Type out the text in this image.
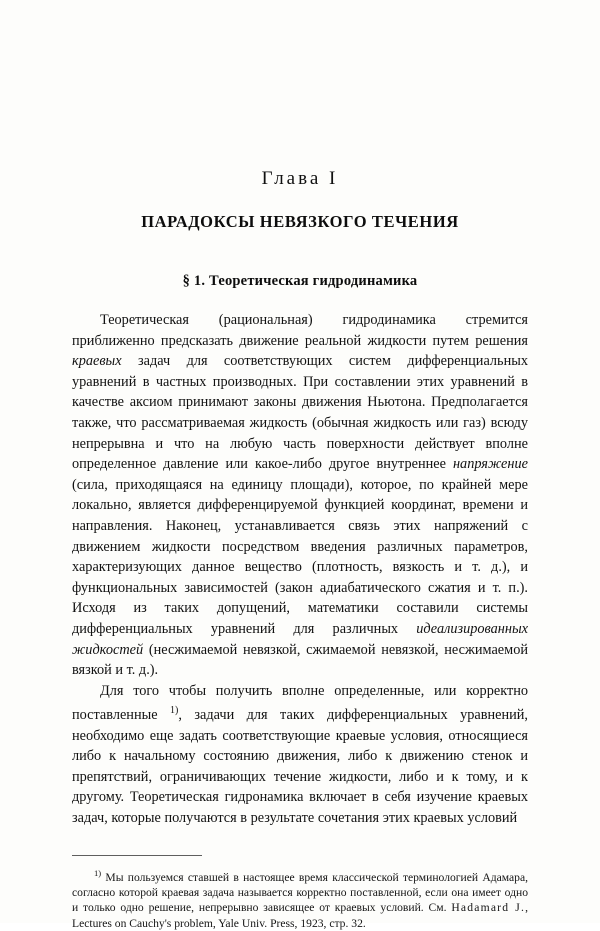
Глава I
ПАРАДОКСЫ НЕВЯЗКОГО ТЕЧЕНИЯ
§ 1. Теоретическая гидродинамика

Теоретическая (рациональная) гидродинамика стремится приближенно предсказать движение реальной жидкости путем решения краевых задач для соответствующих систем дифференциальных уравнений в частных производных. При составлении этих уравнений в качестве аксиом принимают законы движения Ньютона. Предполагается также, что рассматриваемая жидкость (обычная жидкость или газ) всюду непрерывна и что на любую часть поверхности действует вполне определенное давление или какое-либо другое внутреннее напряжение (сила, приходящаяся на единицу площади), которое, по крайней мере локально, является дифференцируемой функцией координат, времени и направления. Наконец, устанавливается связь этих напряжений с движением жидкости посредством введения различных параметров, характеризующих данное вещество (плотность, вязкость и т. д.), и функциональных зависимостей (закон адиабатического сжатия и т. п.). Исходя из таких допущений, математики составили системы дифференциальных уравнений для различных идеализированных жидкостей (несжимаемой невязкой, сжимаемой невязкой, несжимаемой вязкой и т. д.).

Для того чтобы получить вполне определенные, или корректно поставленные $^{1)}$, задачи для таких дифференциальных уравнений, необходимо еще задать соответствующие краевые условия, относящиеся либо к начальному состоянию движения, либо к движению стенок и препятствий, ограничивающих течение жидкости, либо и к тому, и к другому. Теоретическая гидронамика включает в себя изучение краевых задач, которые получаются в результате сочетания этих краевых условий

$^{1)}$ Мы пользуемся ставшей в настоящее время классической терминологией Адамара, согласно которой краевая задача называется корректно поставленной, если она имеет одно и только одно решение, непрерывно зависящее от краевых условий. См. Hadamard J., Lectures on Cauchy's problem, Yale Univ. Press, 1923, стр. 32.
